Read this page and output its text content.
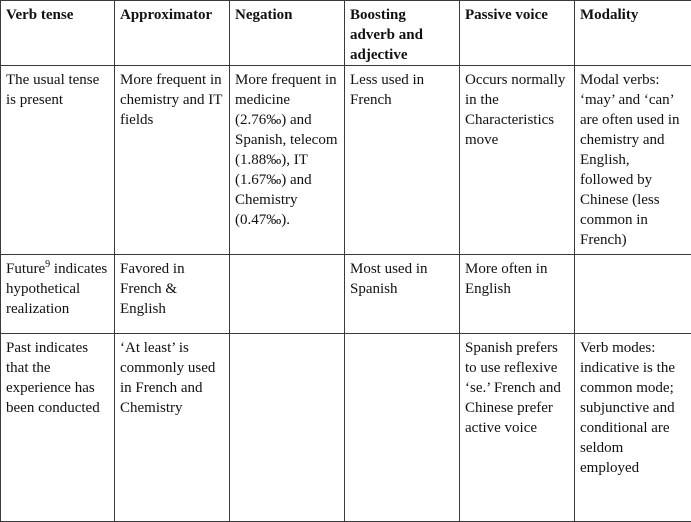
Verb tense	Approximator	Negation	Boosting adverb and adjective	Passive voice	Modality
The usual tense is present	More frequent in chemistry and IT fields	More frequent in medicine (2.76‰) and Spanish, telecom (1.88‰), IT (1.67‰) and Chemistry (0.47‰).	Less used in French	Occurs normally in the Characteristics move	Modal verbs: ‘may’ and ‘can’ are often used in chemistry and English, followed by Chinese (less common in French)
Future$^9$ indicates hypothetical realization	Favored in French & English		Most used in Spanish	More often in English	
Past indicates that the experience has been conducted	‘At least’ is commonly used in French and Chemistry			Spanish prefers to use reflexive ‘se.’ French and Chinese prefer active voice	Verb modes: indicative is the common mode; subjunctive and conditional are seldom employed
